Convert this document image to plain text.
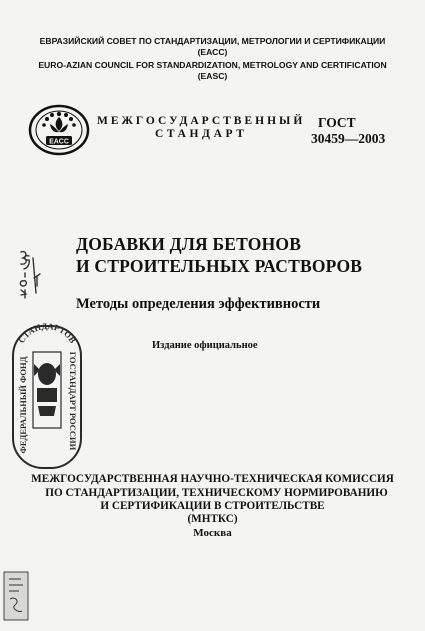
ЕВРАЗИЙСКИЙ СОВЕТ ПО СТАНДАРТИЗАЦИИ, МЕТРОЛОГИИ И СЕРТИФИКАЦИИ
(ЕАСС)
EURO-AZIAN COUNCIL FOR STANDARDIZATION, METROLOGY AND CERTIFICATION
(EASC)
EACC
МЕЖГОСУДАРСТВЕННЫЙ
СТАНДАРТ
ГОСТ
30459—2003
ДОБАВКИ ДЛЯ БЕТОНОВ
И СТРОИТЕЛЬНЫХ РАСТВОРОВ
Методы определения эффективности
Издание официальное
СТАНДАРТОВ
ФЕДЕРАЛЬНЫЙ ФОНД
ГОСТАНДАРТ РОССИИ
МЕЖГОСУДАРСТВЕННАЯ НАУЧНО-ТЕХНИЧЕСКАЯ КОМИССИЯ
ПО СТАНДАРТИЗАЦИИ, ТЕХНИЧЕСКОМУ НОРМИРОВАНИЮ
И СЕРТИФИКАЦИИ В СТРОИТЕЛЬСТВЕ
(МНТКС)
Москва
